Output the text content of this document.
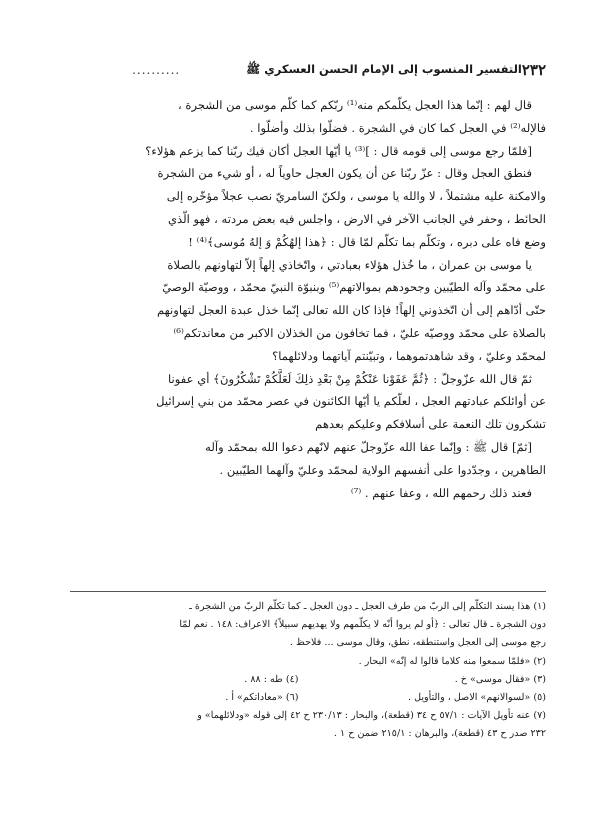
٢٣٢
التفسير المنسوب إلى الإمام الحسن العسكري ﷺ
..........

قال لهم : إنّما هذا العجل يكلّمكم منه⁽¹⁾ ربّكم كما كلّم موسى من الشجرة ،
فالإله⁽²⁾ في العجل كما كان في الشجرة . فضلّوا بذلك وأضلّوا .

[فلمّا رجع موسى إلى قومه قال : ]⁽³⁾ يا أيّها العجل أكان فيك ربّنا كما يزعم هؤلاء؟

فنطق العجل وقال : عزّ ربّنا عن أن يكون العجل حاوياً له ، أو شيء من الشجرة
والامكنة عليه مشتملاً ، لا والله يا موسى ، ولكنّ السامريّ نصب عجلاً مؤخّره إلى
الحائط ، وحفر في الجانب الآخر في الارض ، واجلس فيه بعض مردته ، فهو الّذي
وضع فاه على دبره ، وتكلّم بما تكلّم لمّا قال : ﴿هذا إلهُكُمْ وَ إلهُ مُوسى﴾⁽⁴⁾ !

يا موسى بن عمران ، ما خُذل هؤلاء بعبادتي ، واتّخاذي إلهاً إلاّ لتهاونهم بالصلاة
على محمّد وآله الطيّبين وجحودهم بموالاتهم⁽⁵⁾ وبنبوّة النبيّ محمّد ، ووصيّة الوصيّ
حتّى أدّاهم إلى أن اتّخذوني إلهاً! فإذا كان الله تعالى إنّما خذل عبدة العجل لتهاونهم
بالصلاة على محمّد ووصيّه عليّ ، فما تخافون من الخذلان الاكبر من معاندتكم⁽⁶⁾
لمحمّد وعليّ ، وقد شاهدتموهما ، وتبيّنتم آياتهما ودلائلهما؟

ثمّ قال الله عزّوجلّ : ﴿ثُمَّ عَفَوْنا عَنْكُمْ مِنْ بَعْدِ ذلِكَ لَعَلَّكُمْ تَشْكُرُونَ﴾ أي عفونا
عن أوائلكم عبادتهم العجل ، لعلّكم يا أيّها الكائنون في عصر محمّد من بني إسرائيل
تشكرون تلك النعمة على أسلافكم وعليكم بعدهم

[ثمّ] قال ﷺ : وإنّما عفا الله عزّوجلّ عنهم لانّهم دعوا الله بمحمّد وآله
الطاهرين ، وجدّدوا على أنفسهم الولاية لمحمّد وعليّ وآلهما الطيّبين .

فعند ذلك رحمهم الله ، وعفا عنهم . ⁽⁷⁾

(١) هذا يسند التكلّم إلى الربّ من طرف العجل ـ دون العجل ـ كما تكلّم الربّ من الشجرة ـ
دون الشجرة ـ قال تعالى : ﴿أو لم يروا أنّه لا يكلّمهم ولا يهديهم سبيلاً﴾ الاعراف: ١٤٨ . نعم لمّا
رجع موسى إلى العجل واستنطقه، نطق، وقال موسى ... فلاحظ .

(٢) «فلمّا سمعوا منه كلاما قالوا له إنّه» البحار .

(٣) «فقال موسى» خ .
(٤) طه : ٨٨ .
(٥) «لسوالانهم» الاصل ، والتأويل .
(٦) «معاداتكم» أ .

(٧) عنه تأويل الآيات : ٥٧/١ ح ٣٤ (قطعة)، والبحار : ٢٣٠/١٣ ح ٤٢ إلى قوله «ودلائلهما» و
٢٣٢ صدر ح ٤٣ (قطعة)، والبرهان : ٢١٥/١ ضمن ح ١ .
